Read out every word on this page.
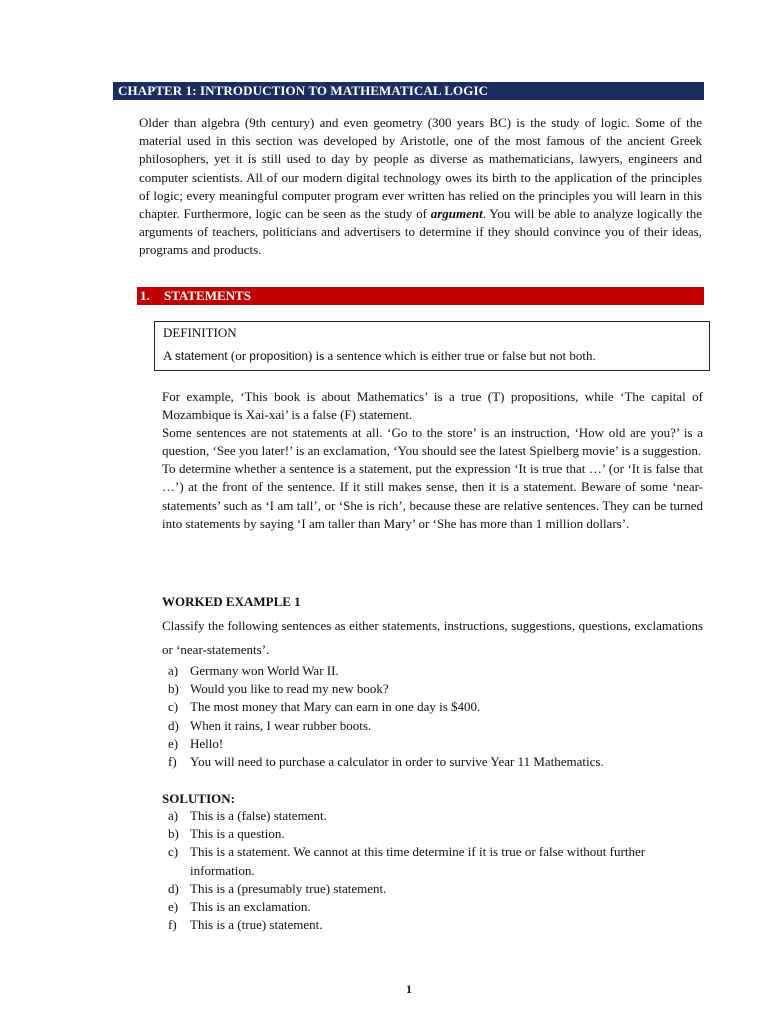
CHAPTER 1: INTRODUCTION TO MATHEMATICAL LOGIC

Older than algebra (9th century) and even geometry (300 years BC) is the study of logic. Some of the material used in this section was developed by Aristotle, one of the most famous of the ancient Greek philosophers, yet it is still used to day by people as diverse as mathematicians, lawyers, engineers and computer scientists. All of our modern digital technology owes its birth to the application of the principles of logic; every meaningful computer program ever written has relied on the principles you will learn in this chapter. Furthermore, logic can be seen as the study of argument. You will be able to analyze logically the arguments of teachers, politicians and advertisers to determine if they should convince you of their ideas, programs and products.

1. STATEMENTS
DEFINITION
A statement (or proposition) is a sentence which is either true or false but not both.

For example, ‘This book is about Mathematics’ is a true (T) propositions, while ‘The capital of Mozambique is Xai-xai’ is a false (F) statement.

Some sentences are not statements at all. ‘Go to the store’ is an instruction, ‘How old are you?’ is a question, ‘See you later!’ is an exclamation, ‘You should see the latest Spielberg movie’ is a suggestion.

To determine whether a sentence is a statement, put the expression ‘It is true that …’ (or ‘It is false that …’) at the front of the sentence. If it still makes sense, then it is a statement. Beware of some ‘near-statements’ such as ‘I am tall’, or ‘She is rich’, because these are relative sentences. They can be turned into statements by saying ‘I am taller than Mary’ or ‘She has more than 1 million dollars’.

WORKED EXAMPLE 1
Classify the following sentences as either statements, instructions, suggestions, questions, exclamations or ‘near-statements’.
a) Germany won World War II.
b) Would you like to read my new book?
c) The most money that Mary can earn in one day is $400.
d) When it rains, I wear rubber boots.
e) Hello!
f)	You will need to purchase a calculator in order to survive Year 11 Mathematics.
SOLUTION:
a) This is a (false) statement.
b) This is a question.
c) This is a statement. We cannot at this time determine if it is true or false without further information.
d) This is a (presumably true) statement.
e) This is an exclamation.
f)	This is a (true) statement.
1
